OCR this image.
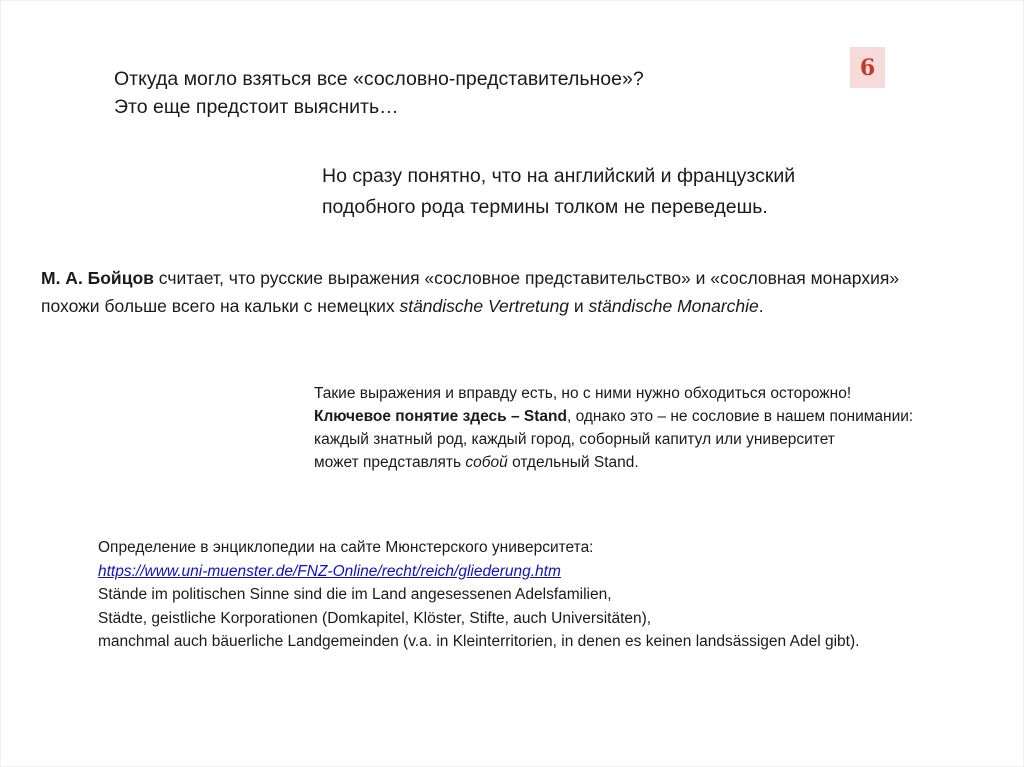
6
Откуда могло взяться все «сословно-представительное»?
Это еще предстоит выяснить…
Но сразу понятно, что на английский и французский
подобного рода термины толком не переведешь.
М. А. Бойцов считает, что русские выражения «сословное представительство» и «сословная монархия»
похожи больше всего на кальки с немецких ständische Vertretung и ständische Monarchie.
Такие выражения и вправду есть, но с ними нужно обходиться осторожно!
Ключевое понятие здесь – Stand, однако это – не сословие в нашем понимании:
каждый знатный род, каждый город, соборный капитул или университет
может представлять собой отдельный Stand.
Определение в энциклопедии на сайте Мюнстерского университета:
https://www.uni-muenster.de/FNZ-Online/recht/reich/gliederung.htm
Stände im politischen Sinne sind die im Land angesessenen Adelsfamilien,
Städte, geistliche Korporationen (Domkapitel, Klöster, Stifte, auch Universitäten),
manchmal auch bäuerliche Landgemeinden (v.a. in Kleinterritorien, in denen es keinen landsässigen Adel gibt).
